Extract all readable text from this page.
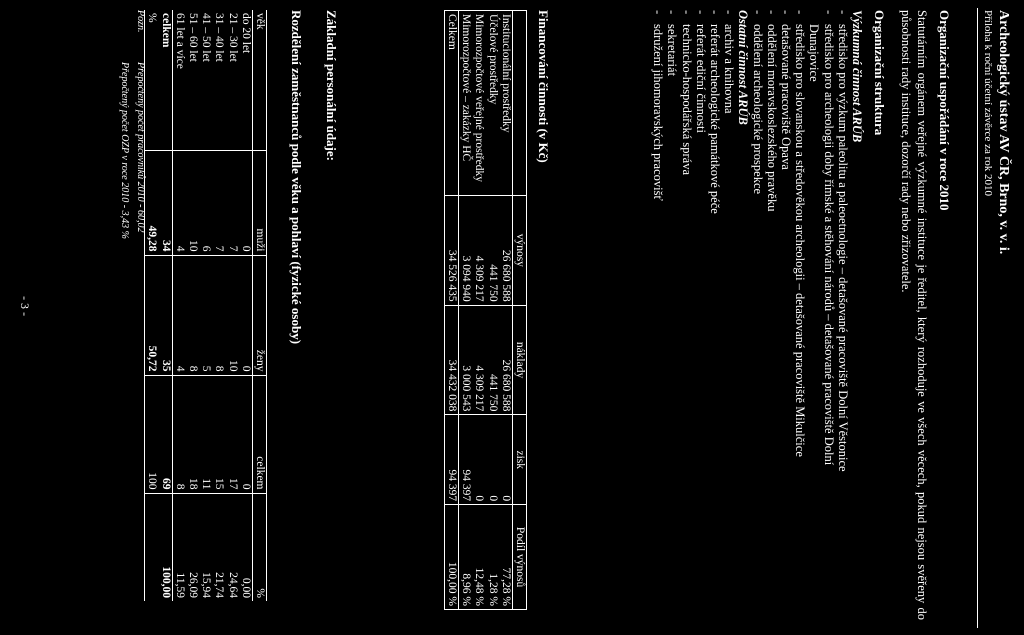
Archeologický ústav AV ČR, Brno, v. v. i.
Příloha k roční účetní závěrce za rok 2010
Organizační uspořádání v roce 2010
Statutárním orgánem veřejné výzkumné instituce je ředitel, který rozhoduje ve všech věcech, pokud nejsou svěřeny do působnosti rady instituce, dozorčí rady nebo zřizovatele.
Organizační struktura
Výzkumná činnost ARÚB
-
středisko pro výzkum paleolitu a paleoetnologie – detašované pracoviště Dolní Věstonice
-
středisko pro archeologii doby římské a stěhování národů – detašované pracoviště Dolní
Dunajovice
-
středisko pro slovanskou a středověkou archeologii – detašované pracoviště Mikulčice
-
detašované pracoviště Opava
-
oddělení moravskoslezského pravěku
-
oddělení archeologické prospekce
Ostatní činnost ARÚB
-
archiv a knihovna
-
referát archeologické památkové péče
-
referát ediční činnosti
-
technicko-hospodářská správa
-
sekretariát
-
sdružení jihomoravských pracovišť
Financování činnosti (v Kč)
	výnosy	náklady	zisk	Podíl výnosů
Institucionální prostředky	26 680 588	26 680 588	0	77,28 %
Účelové prostředky	441 750	441 750	0	1,28 %
Mimorozpočtové veřejné prostředky	4 309 217	4 309 217	0	12,48 %
Mimorozpočtové – zakázky HČ	3 094 940	3 000 543	94 397	8,96 %
Celkem	34 526 435	34 432 038	94 397	100,00 %
Základní personální údaje:
Rozdělení zaměstnanců podle věku a pohlaví (fyzické osoby)
věk	muži	ženy	celkem	%
do 20 let	0	0	0	0,00
21 – 30 let	7	10	17	24,64
31 – 40 let	7	8	15	21,74
41 – 50 let	6	5	11	15,94
51 – 60 let	10	8	18	26,09
61 let a více	4	4	8	11,59
celkem	34	35	69	100,00
%	49,28	50,72	100	
Pozn.
Přepočtený počet pracovníků 2010 - 60,02
Přepočtený počet OZP v roce 2010 - 3,43 %
- 3 -
